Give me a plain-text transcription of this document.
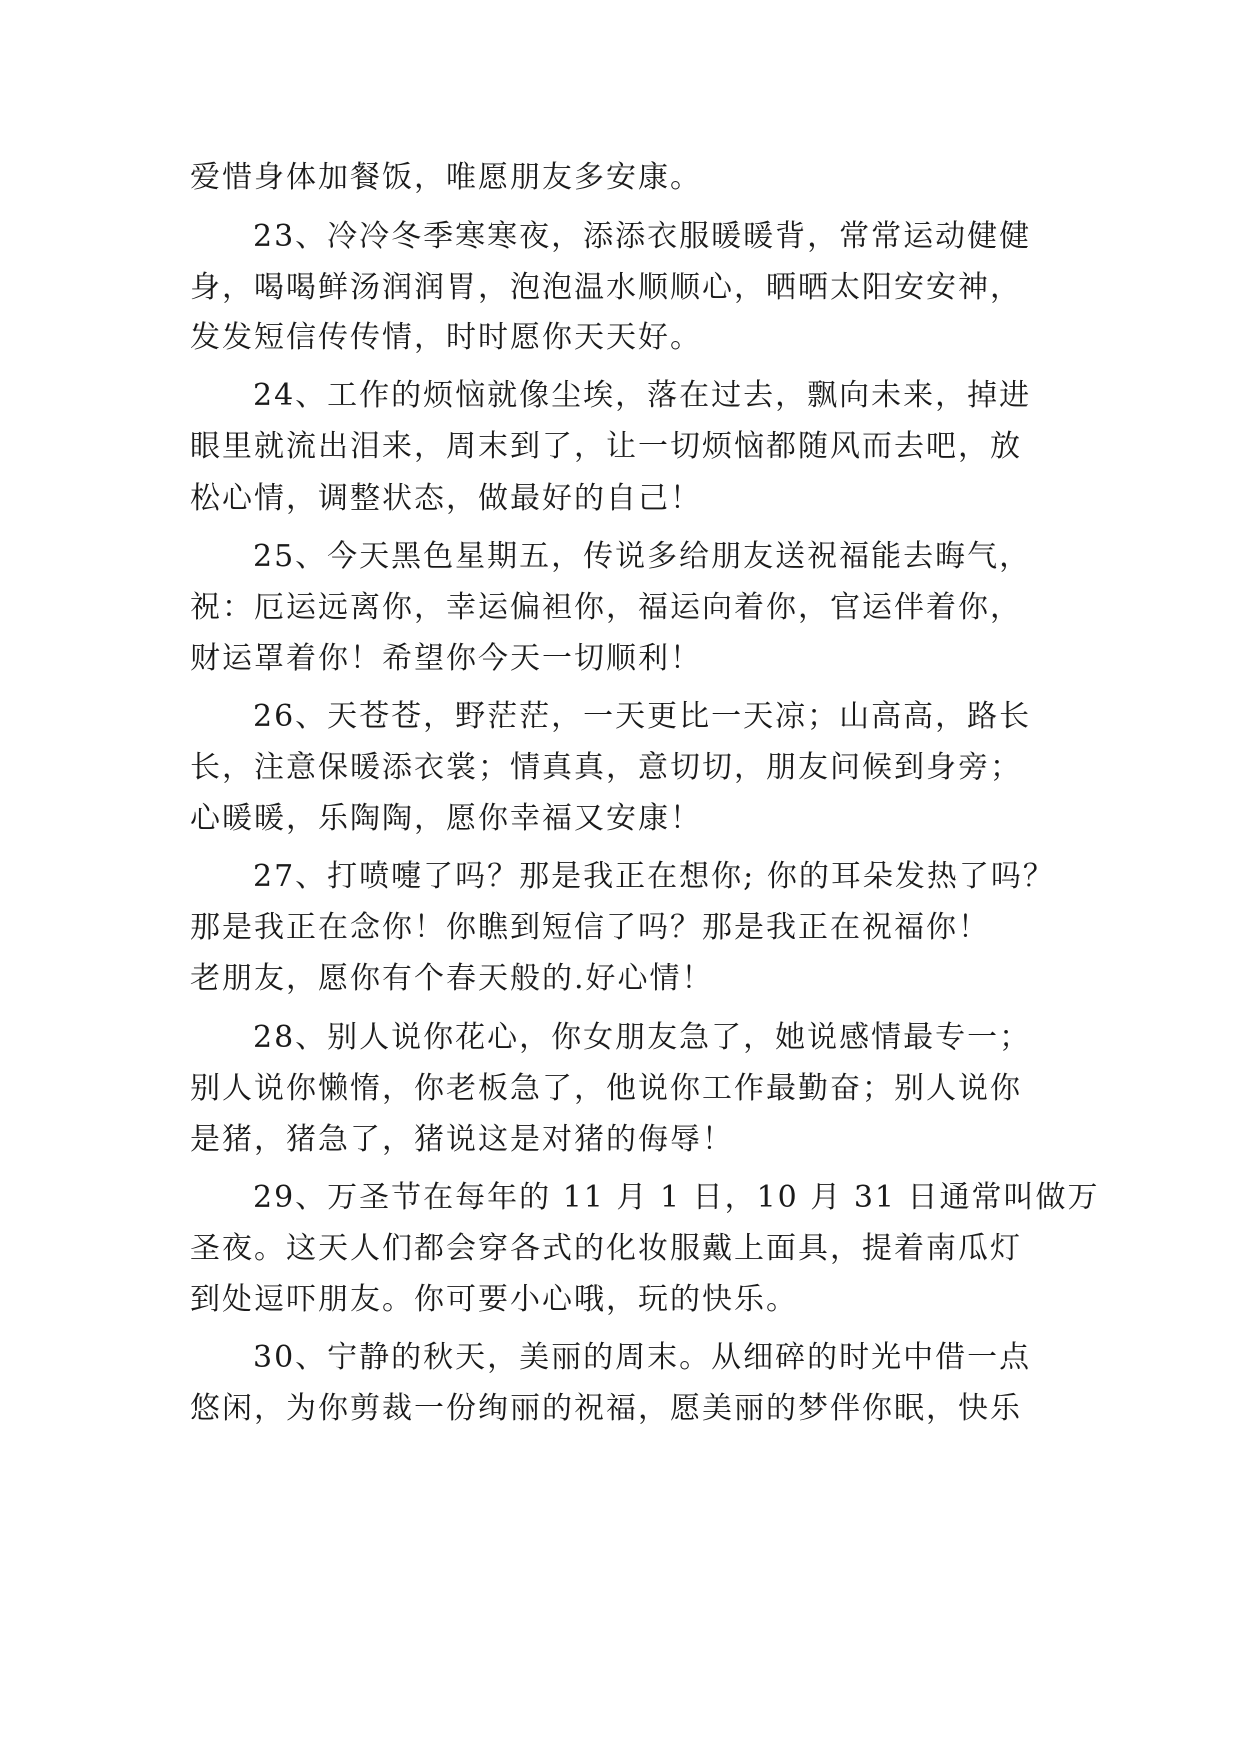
爱惜身体加餐饭，唯愿朋友多安康。

23、冷冷冬季寒寒夜，添添衣服暖暖背，常常运动健健

身，喝喝鲜汤润润胃，泡泡温水顺顺心，晒晒太阳安安神，

发发短信传传情，时时愿你天天好。

24、工作的烦恼就像尘埃，落在过去，飘向未来，掉进

眼里就流出泪来，周末到了，让一切烦恼都随风而去吧，放

松心情，调整状态，做最好的自己！

25、今天黑色星期五，传说多给朋友送祝福能去晦气，

祝：厄运远离你，幸运偏袒你，福运向着你，官运伴着你，

财运罩着你！希望你今天一切顺利！

26、天苍苍，野茫茫，一天更比一天凉；山高高，路长

长，注意保暖添衣裳；情真真，意切切，朋友问候到身旁；

心暖暖，乐陶陶，愿你幸福又安康！

27、打喷嚏了吗？那是我正在想你; 你的耳朵发热了吗？

那是我正在念你！你瞧到短信了吗？那是我正在祝福你！

老朋友，愿你有个春天般的.好心情！

28、别人说你花心，你女朋友急了，她说感情最专一；

别人说你懒惰，你老板急了，他说你工作最勤奋；别人说你

是猪，猪急了，猪说这是对猪的侮辱！

29、万圣节在每年的 11 月 1 日，10 月 31 日通常叫做万

圣夜。这天人们都会穿各式的化妆服戴上面具，提着南瓜灯

到处逗吓朋友。你可要小心哦，玩的快乐。

30、宁静的秋天，美丽的周末。从细碎的时光中借一点

悠闲，为你剪裁一份绚丽的祝福，愿美丽的梦伴你眠，快乐
